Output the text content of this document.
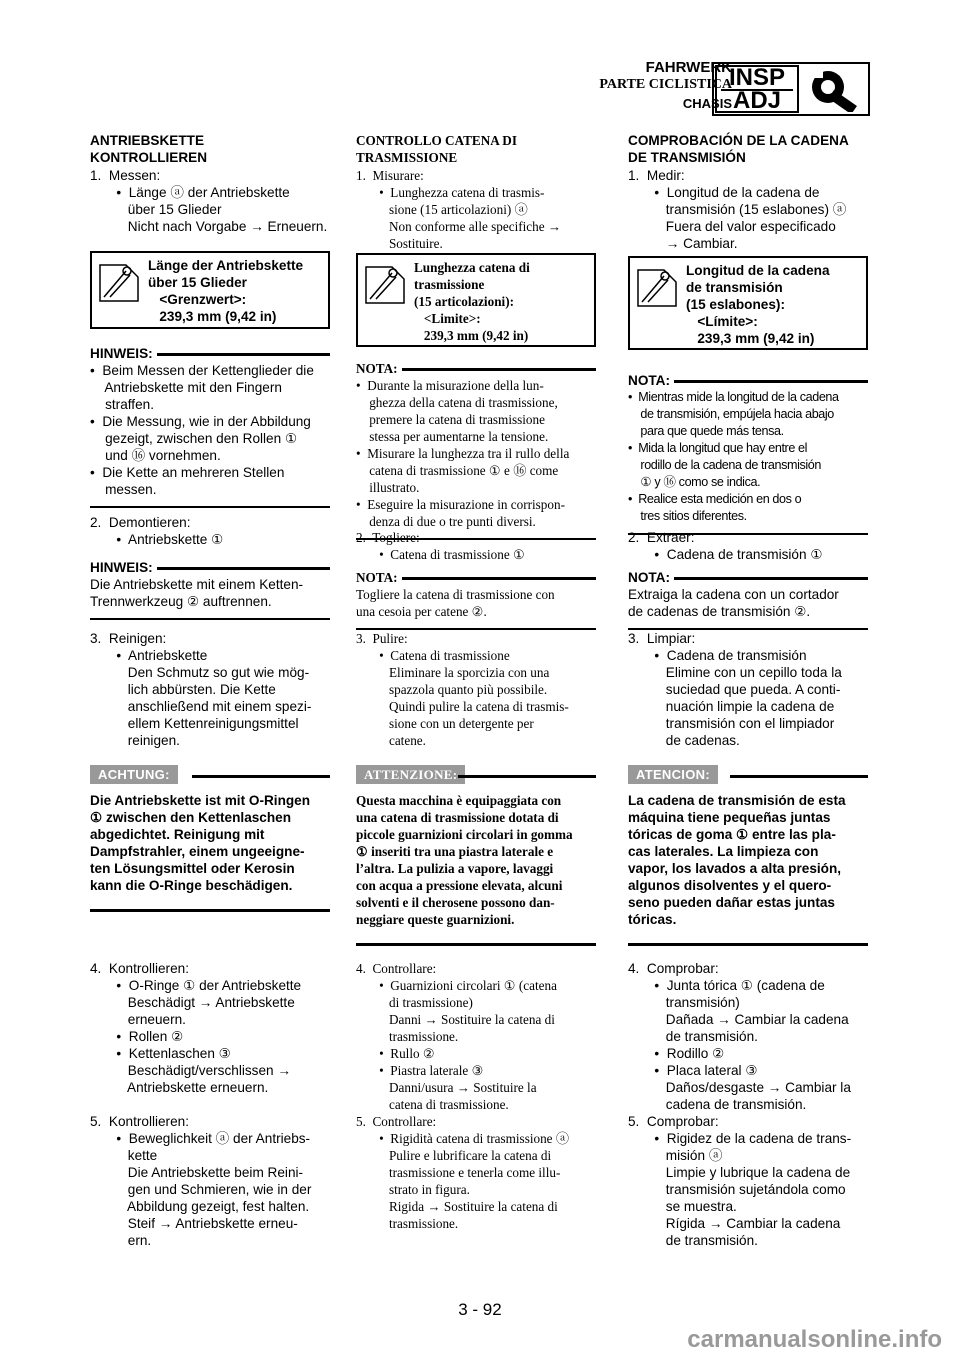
FAHRWERK
PARTE CICLISTICA
CHASIS
INSP
ADJ
ANTRIEBSKETTE
KONTROLLIEREN
1.  Messen:
•  Länge ⓐ der Antriebskette
über 15 Glieder
Nicht nach Vorgabe → Erneuern.
Länge der Antriebskette
über 15 Glieder
<Grenzwert>:
239,3 mm (9,42 in)
HINWEIS:
•  Beim Messen der Kettenglieder die
Antriebskette mit den Fingern
straffen.
•  Die Messung, wie in der Abbildung
gezeigt, zwischen den Rollen ①
und ⑯ vornehmen.
•  Die Kette an mehreren Stellen
messen.
2.  Demontieren:
•  Antriebskette ①
HINWEIS:
Die Antriebskette mit einem Ketten-
Trennwerkzeug ② auftrennen.
3.  Reinigen:
•  Antriebskette
Den Schmutz so gut wie mög-
lich abbürsten. Die Kette
anschließend mit einem spezi-
ellem Kettenreinigungsmittel
reinigen.
ACHTUNG:
Die Antriebskette ist mit O-Ringen
① zwischen den Kettenlaschen
abgedichtet. Reinigung mit
Dampfstrahler, einem ungeeigne-
ten Lösungsmittel oder Kerosin
kann die O-Ringe beschädigen.
4.  Kontrollieren:
•  O-Ringe ① der Antriebskette
Beschädigt → Antriebskette
erneuern.
•  Rollen ②
•  Kettenlaschen ③
Beschädigt/verschlissen →
Antriebskette erneuern.
5.  Kontrollieren:
•  Beweglichkeit ⓐ der Antriebs-
kette
Die Antriebskette beim Reini-
gen und Schmieren, wie in der
Abbildung gezeigt, fest halten.
Steif → Antriebskette erneu-
ern.
CONTROLLO CATENA DI
TRASMISSIONE
1.  Misurare:
•  Lunghezza catena di trasmis-
sione (15 articolazioni) ⓐ
Non conforme alle specifiche →
Sostituire.
Lunghezza catena di
trasmissione
(15 articolazioni):
<Limite>:
239,3 mm (9,42 in)
NOTA:
•  Durante la misurazione della lun-
ghezza della catena di trasmissione,
premere la catena di trasmissione
stessa per aumentarne la tensione.
•  Misurare la lunghezza tra il rullo della
catena di trasmissione ① e ⑯ come
illustrato.
•  Eseguire la misurazione in corrispon-
denza di due o tre punti diversi.
2.  Togliere:
•  Catena di trasmissione ①
NOTA:
Togliere la catena di trasmissione con
una cesoia per catene ②.
3.  Pulire:
•  Catena di trasmissione
Eliminare la sporcizia con una
spazzola quanto più possibile.
Quindi pulire la catena di trasmis-
sione con un detergente per
catene.
ATTENZIONE:
Questa macchina è equipaggiata con
una catena di trasmissione dotata di
piccole guarnizioni circolari in gomma
① inseriti tra una piastra laterale e
l’altra. La pulizia a vapore, lavaggi
con acqua a pressione elevata, alcuni
solventi e il cherosene possono dan-
neggiare queste guarnizioni.
4.  Controllare:
•  Guarnizioni circolari ① (catena
di trasmissione)
Danni → Sostituire la catena di
trasmissione.
•  Rullo ②
•  Piastra laterale ③
Danni/usura → Sostituire la
catena di trasmissione.
5.  Controllare:
•  Rigidità catena di trasmissione ⓐ
Pulire e lubrificare la catena di
trasmissione e tenerla come illu-
strato in figura.
Rigida → Sostituire la catena di
trasmissione.
COMPROBACIÓN DE LA CADENA
DE TRANSMISIÓN
1.  Medir:
•  Longitud de la cadena de
transmisión (15 eslabones) ⓐ
Fuera del valor especificado
→ Cambiar.
Longitud de la cadena
de transmisión
(15 eslabones):
<Límite>:
239,3 mm (9,42 in)
NOTA:
•  Mientras mide la longitud de la cadena
de transmisión, empújela hacia abajo
para que quede más tensa.
•  Mida la longitud que hay entre el
rodillo de la cadena de transmisión
① y ⑯ como se indica.
•  Realice esta medición en dos o
tres sitios diferentes.
2.  Extraer:
•  Cadena de transmisión ①
NOTA:
Extraiga la cadena con un cortador
de cadenas de transmisión ②.
3.  Limpiar:
•  Cadena de transmisión
Elimine con un cepillo toda la
suciedad que pueda. A conti-
nuación limpie la cadena de
transmisión con el limpiador
de cadenas.
ATENCION:
La cadena de transmisión de esta
máquina tiene pequeñas juntas
tóricas de goma ① entre las pla-
cas laterales. La limpieza con
vapor, los lavados a alta presión,
algunos disolventes y el quero-
seno pueden dañar estas juntas
tóricas.
4.  Comprobar:
•  Junta tórica ① (cadena de
transmisión)
Dañada → Cambiar la cadena
de transmisión.
•  Rodillo ②
•  Placa lateral ③
Daños/desgaste → Cambiar la
cadena de transmisión.
5.  Comprobar:
•  Rigidez de la cadena de trans-
misión ⓐ
Limpie y lubrique la cadena de
transmisión sujetándola como
se muestra.
Rígida → Cambiar la cadena
de transmisión.
3 - 92
carmanualsonline.info
